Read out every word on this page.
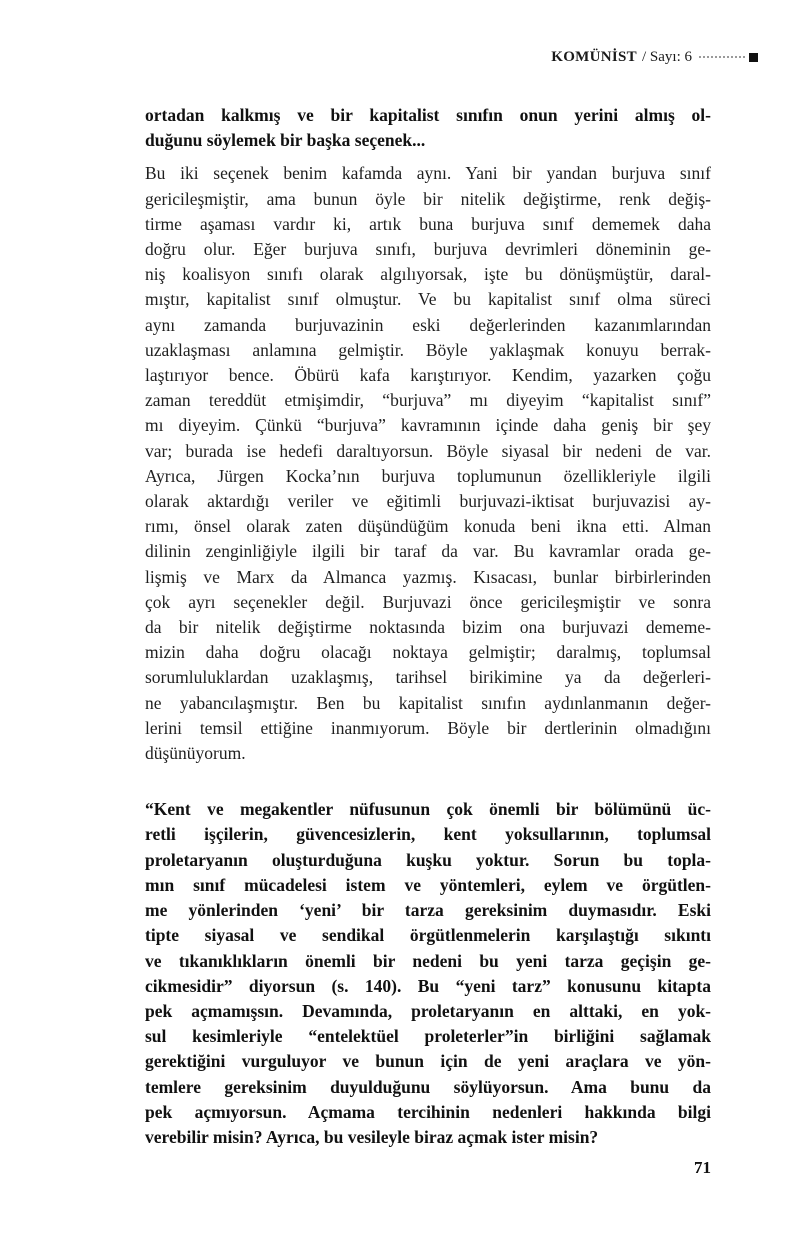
KOMÜNİST / Sayı: 6

ortadan kalkmış ve bir kapitalist sınıfın onun yerini almış ol-
duğunu söylemek bir başka seçenek...

Bu iki seçenek benim kafamda aynı. Yani bir yandan burjuva sınıf
gericileşmiştir, ama bunun öyle bir nitelik değiştirme, renk değiş-
tirme aşaması vardır ki, artık buna burjuva sınıf dememek daha
doğru olur. Eğer burjuva sınıfı, burjuva devrimleri döneminin ge-
niş koalisyon sınıfı olarak algılıyorsak, işte bu dönüşmüştür, daral-
mıştır, kapitalist sınıf olmuştur. Ve bu kapitalist sınıf olma süreci
aynı zamanda burjuvazinin eski değerlerinden kazanımlarından
uzaklaşması anlamına gelmiştir. Böyle yaklaşmak konuyu berrak-
laştırıyor bence. Öbürü kafa karıştırıyor. Kendim, yazarken çoğu
zaman tereddüt etmişimdir, “burjuva” mı diyeyim “kapitalist sınıf”
mı diyeyim. Çünkü “burjuva” kavramının içinde daha geniş bir şey
var; burada ise hedefi daraltıyorsun. Böyle siyasal bir nedeni de var.
Ayrıca, Jürgen Kocka’nın burjuva toplumunun özellikleriyle ilgili
olarak aktardığı veriler ve eğitimli burjuvazi-iktisat burjuvazisi ay-
rımı, önsel olarak zaten düşündüğüm konuda beni ikna etti. Alman
dilinin zenginliğiyle ilgili bir taraf da var. Bu kavramlar orada ge-
lişmiş ve Marx da Almanca yazmış. Kısacası, bunlar birbirlerinden
çok ayrı seçenekler değil. Burjuvazi önce gericileşmiştir ve sonra
da bir nitelik değiştirme noktasında bizim ona burjuvazi dememe-
mizin daha doğru olacağı noktaya gelmiştir; daralmış, toplumsal
sorumluluklardan uzaklaşmış, tarihsel birikimine ya da değerleri-
ne yabancılaşmıştır. Ben bu kapitalist sınıfın aydınlanmanın değer-
lerini temsil ettiğine inanmıyorum. Böyle bir dertlerinin olmadığını
düşünüyorum.

“Kent ve megakentler nüfusunun çok önemli bir bölümünü üc-
retli işçilerin, güvencesizlerin, kent yoksullarının, toplumsal
proletaryanın oluşturduğuna kuşku yoktur. Sorun bu topla-
mın sınıf mücadelesi istem ve yöntemleri, eylem ve örgütlen-
me yönlerinden ‘yeni’ bir tarza gereksinim duymasıdır. Eski
tipte siyasal ve sendikal örgütlenmelerin karşılaştığı sıkıntı
ve tıkanıklıkların önemli bir nedeni bu yeni tarza geçişin ge-
cikmesidir” diyorsun (s. 140). Bu “yeni tarz” konusunu kitapta
pek açmamışsın. Devamında, proletaryanın en alttaki, en yok-
sul kesimleriyle “entelektüel proleterler”in birliğini sağlamak
gerektiğini vurguluyor ve bunun için de yeni araçlara ve yön-
temlere gereksinim duyulduğunu söylüyorsun. Ama bunu da
pek açmıyorsun. Açmama tercihinin nedenleri hakkında bilgi
verebilir misin? Ayrıca, bu vesileyle biraz açmak ister misin?

71
